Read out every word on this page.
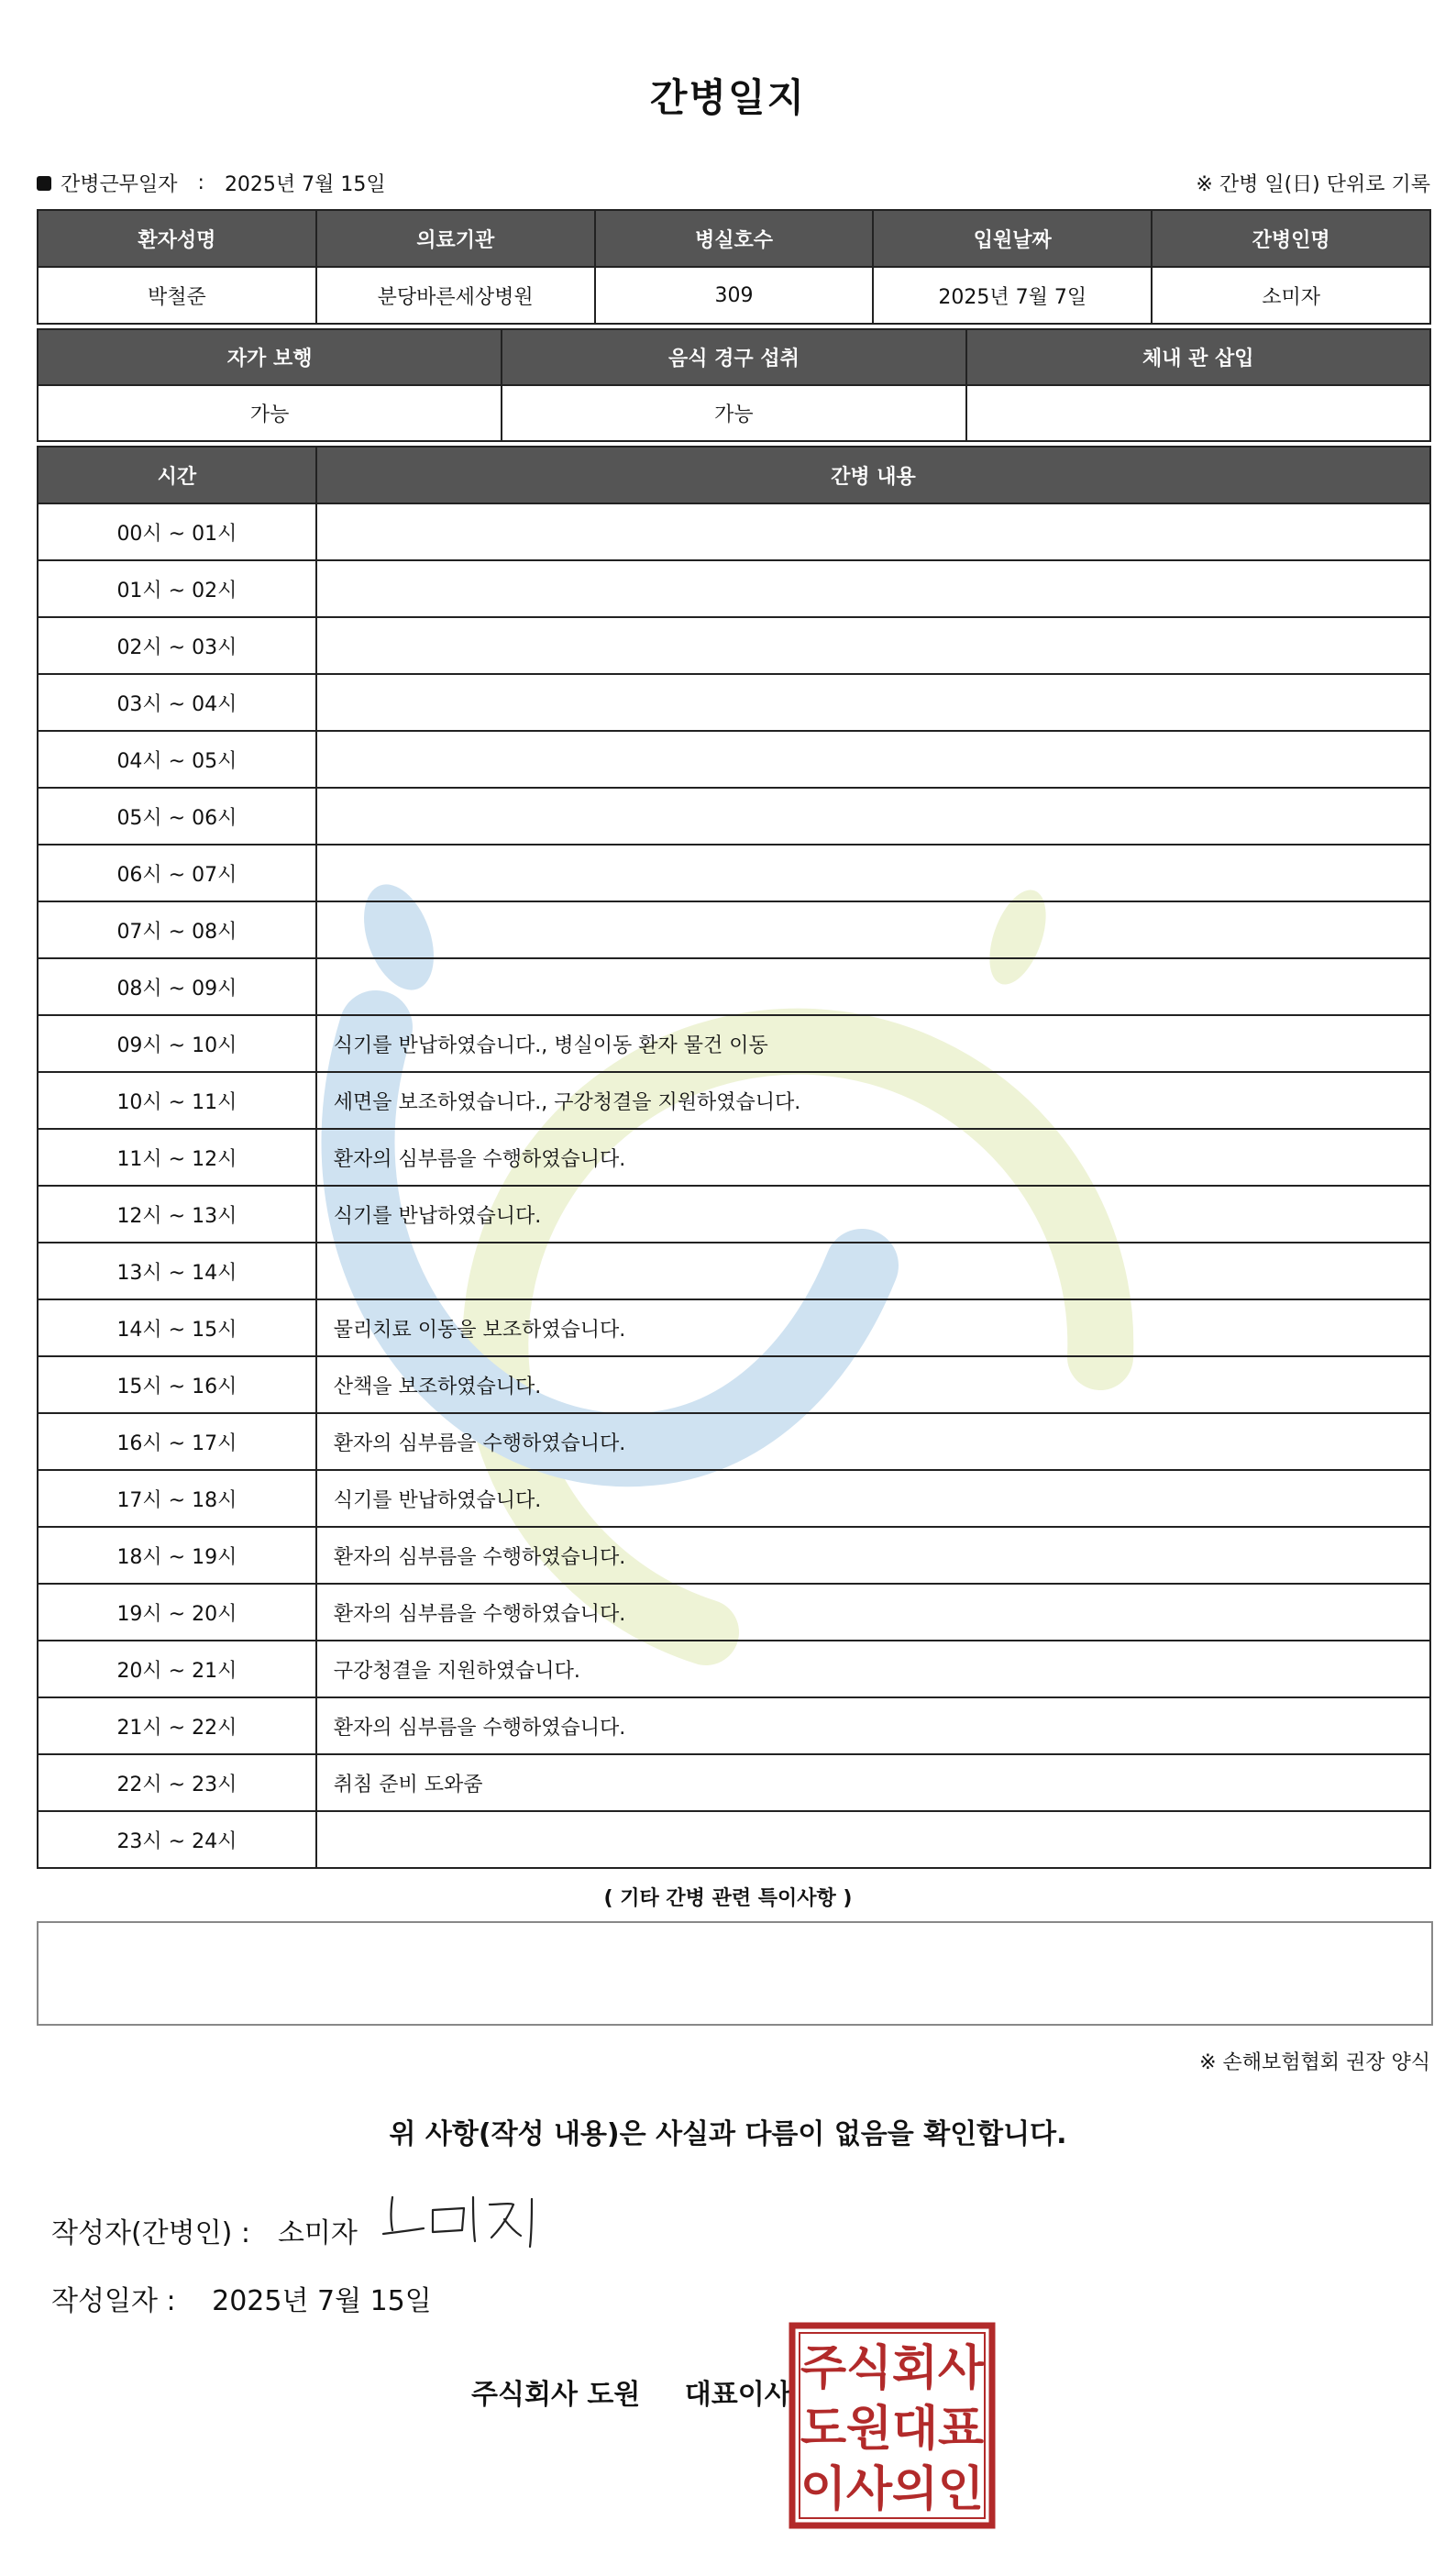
간병일지
간병근무일자 : 2025년 7월 15일	※ 간병 일(日) 단위로 기록
환자성명	의료기관	병실호수	입원날짜	간병인명
박철준	분당바른세상병원	309	2025년 7월 7일	소미자
자가 보행	음식 경구 섭취	체내 관 삽입
가능	가능	
시간	간병 내용
00시 ~ 01시	
01시 ~ 02시	
02시 ~ 03시	
03시 ~ 04시	
04시 ~ 05시	
05시 ~ 06시	
06시 ~ 07시	
07시 ~ 08시	
08시 ~ 09시	
09시 ~ 10시	식기를 반납하였습니다., 병실이동 환자 물건 이동
10시 ~ 11시	세면을 보조하였습니다., 구강청결을 지원하였습니다.
11시 ~ 12시	환자의 심부름을 수행하였습니다.
12시 ~ 13시	식기를 반납하였습니다.
13시 ~ 14시	
14시 ~ 15시	물리치료 이동을 보조하였습니다.
15시 ~ 16시	산책을 보조하였습니다.
16시 ~ 17시	환자의 심부름을 수행하였습니다.
17시 ~ 18시	식기를 반납하였습니다.
18시 ~ 19시	환자의 심부름을 수행하였습니다.
19시 ~ 20시	환자의 심부름을 수행하였습니다.
20시 ~ 21시	구강청결을 지원하였습니다.
21시 ~ 22시	환자의 심부름을 수행하였습니다.
22시 ~ 23시	취침 준비 도와줌
23시 ~ 24시	
( 기타 간병 관련 특이사항 )
※ 손해보험협회 권장 양식
위 사항(작성 내용)은 사실과 다름이 없음을 확인합니다.
작성자(간병인) : 소미자
작성일자 : 2025년 7월 15일
주식회사 도원 대표이사 주 식 회 사
도 원 대 표
이 사 의 인
